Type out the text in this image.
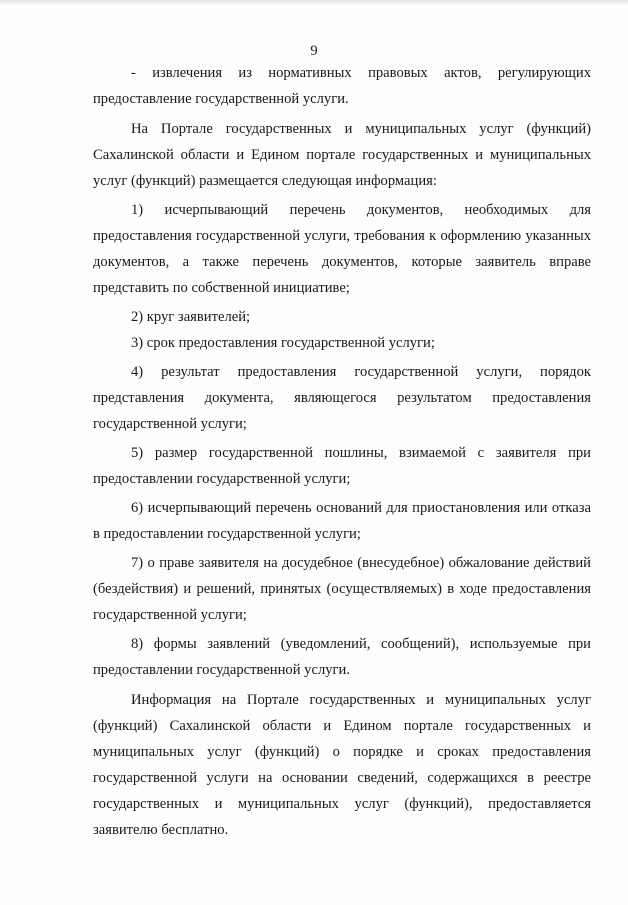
9

- извлечения из нормативных правовых актов, регулирующих предоставление государственной услуги.

На Портале государственных и муниципальных услуг (функций) Сахалинской области и Едином портале государственных и муниципальных услуг (функций) размещается следующая информация:

1) исчерпывающий перечень документов, необходимых для предоставления государственной услуги, требования к оформлению указанных документов, а также перечень документов, которые заявитель вправе представить по собственной инициативе;

2) круг заявителей;

3) срок предоставления государственной услуги;

4) результат предоставления государственной услуги, порядок представления документа, являющегося результатом предоставления государственной услуги;

5) размер государственной пошлины, взимаемой с заявителя при предоставлении государственной услуги;

6) исчерпывающий перечень оснований для приостановления или отказа в предоставлении государственной услуги;

7) о праве заявителя на досудебное (внесудебное) обжалование действий (бездействия) и решений, принятых (осуществляемых) в ходе предоставления государственной услуги;

8) формы заявлений (уведомлений, сообщений), используемые при предоставлении государственной услуги.

Информация на Портале государственных и муниципальных услуг (функций) Сахалинской области и Едином портале государственных и муниципальных услуг (функций) о порядке и сроках предоставления государственной услуги на основании сведений, содержащихся в реестре государственных и муниципальных услуг (функций), предоставляется заявителю бесплатно.
